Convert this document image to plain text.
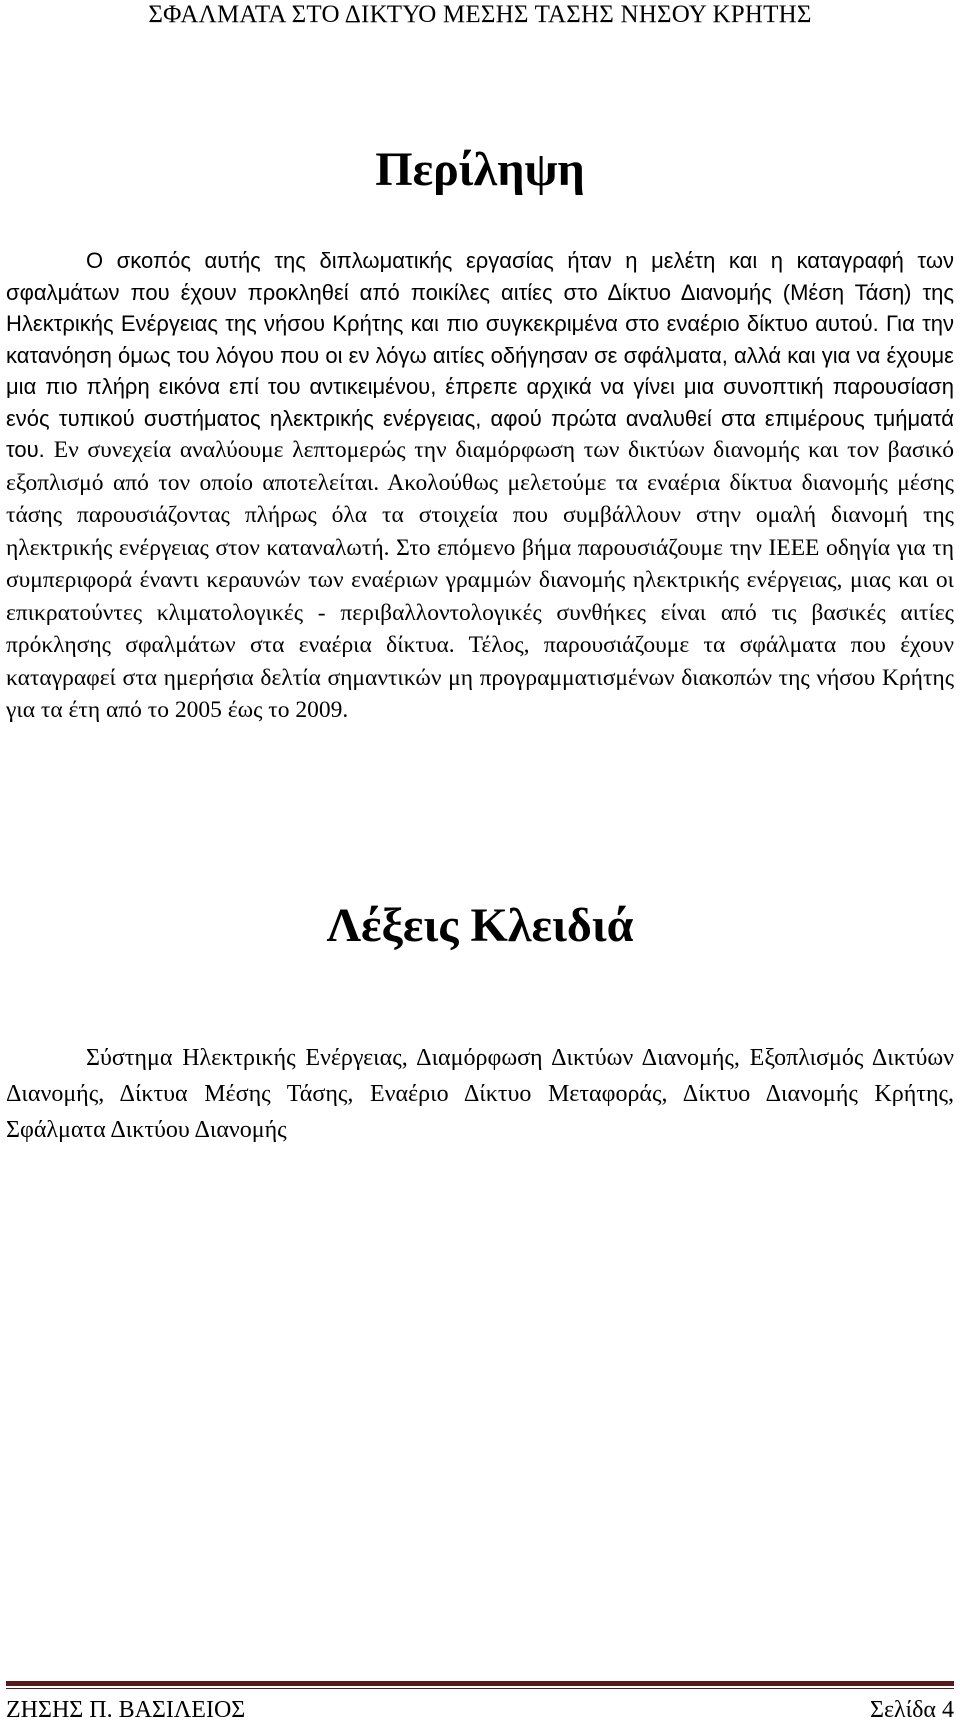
ΣΦΑΛΜΑΤΑ ΣΤΟ ΔΙΚΤΥΟ ΜΕΣΗΣ ΤΑΣΗΣ ΝΗΣΟΥ ΚΡΗΤΗΣ
Περίληψη

Ο σκοπός αυτής της διπλωματικής εργασίας ήταν η μελέτη και η καταγραφή των σφαλμάτων που έχουν προκληθεί από ποικίλες αιτίες στο Δίκτυο Διανομής (Μέση Τάση) της Ηλεκτρικής Ενέργειας της νήσου Κρήτης και πιο συγκεκριμένα στο εναέριο δίκτυο αυτού. Για την κατανόηση όμως του λόγου που οι εν λόγω αιτίες οδήγησαν σε σφάλματα, αλλά και για να έχουμε μια πιο πλήρη εικόνα επί του αντικειμένου, έπρεπε αρχικά να γίνει μια συνοπτική παρουσίαση ενός τυπικού συστήματος ηλεκτρικής ενέργειας, αφού πρώτα αναλυθεί στα επιμέρους τμήματά του. Εν συνεχεία αναλύουμε λεπτομερώς την διαμόρφωση των δικτύων διανομής και τον βασικό εξοπλισμό από τον οποίο αποτελείται. Ακολούθως μελετούμε τα εναέρια δίκτυα διανομής μέσης τάσης παρουσιάζοντας πλήρως όλα τα στοιχεία που συμβάλλουν στην ομαλή διανομή της ηλεκτρικής ενέργειας στον καταναλωτή. Στο επόμενο βήμα παρουσιάζουμε την IEEE οδηγία για τη συμπεριφορά έναντι κεραυνών των εναέριων γραμμών διανομής ηλεκτρικής ενέργειας, μιας και οι επικρατούντες κλιματολογικές - περιβαλλοντολογικές συνθήκες είναι από τις βασικές αιτίες πρόκλησης σφαλμάτων στα εναέρια δίκτυα. Τέλος, παρουσιάζουμε τα σφάλματα που έχουν καταγραφεί στα ημερήσια δελτία σημαντικών μη προγραμματισμένων διακοπών της νήσου Κρήτης για τα έτη από το 2005 έως το 2009.

Λέξεις Κλειδιά

Σύστημα Ηλεκτρικής Ενέργειας, Διαμόρφωση Δικτύων Διανομής, Εξοπλισμός Δικτύων Διανομής, Δίκτυα Μέσης Τάσης, Εναέριο Δίκτυο Μεταφοράς, Δίκτυο Διανομής Κρήτης, Σφάλματα Δικτύου Διανομής

ΖΗΣΗΣ Π. ΒΑΣΙΛΕΙΟΣ	Σελίδα 4
